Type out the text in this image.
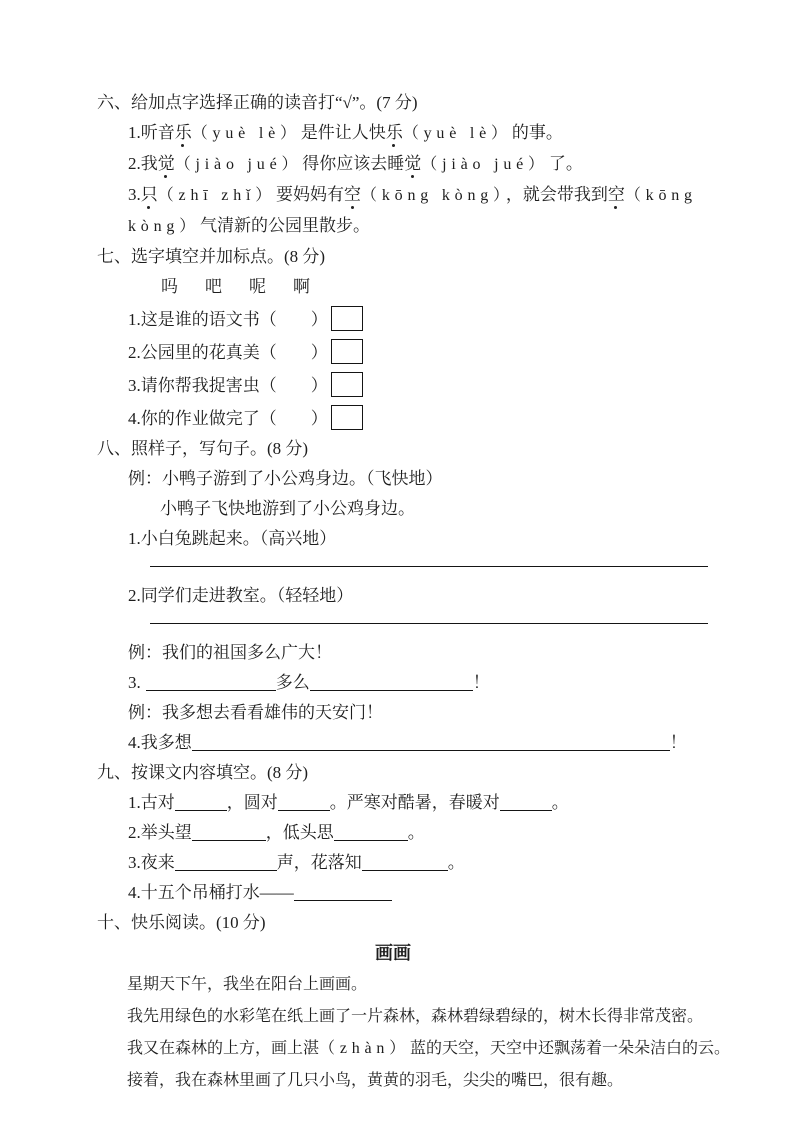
六、给加点字选择正确的读音打“√”。(7 分)
1.听音乐（yuè lè）是件让人快乐（yuè lè）的事。
2.我觉（jiào jué）得你应该去睡觉（jiào jué）了。
3.只（zhī zhǐ）要妈妈有空（kōng kòng），就会带我到空（kōng
kòng）气清新的公园里散步。
七、选字填空并加标点。(8 分)
吗 吧 呢 啊
1.这是谁的语文书（　　）
2.公园里的花真美（　　）
3.请你帮我捉害虫（　　）
4.你的作业做完了（　　）
八、照样子，写句子。(8 分)
例：小鸭子游到了小公鸡身边。（飞快地）
小鸭子飞快地游到了小公鸡身边。
1.小白兔跳起来。（高兴地）
2.同学们走进教室。（轻轻地）
例：我们的祖国多么广大！
3.	多么	！
例：我多想去看看雄伟的天安门！
4.我多想	！
九、按课文内容填空。(8 分)
1.古对	，圆对	。严寒对酷暑，春暖对	。
2.举头望	，低头思	。
3.夜来	声，花落知	。
4.十五个吊桶打水——
十、快乐阅读。(10 分)
画画
星期天下午，我坐在阳台上画画。
我先用绿色的水彩笔在纸上画了一片森林，森林碧绿碧绿的，树木长得非常茂密。
我又在森林的上方，画上湛（zhàn）蓝的天空，天空中还飘荡着一朵朵洁白的云。
接着，我在森林里画了几只小鸟，黄黄的羽毛，尖尖的嘴巴，很有趣。
